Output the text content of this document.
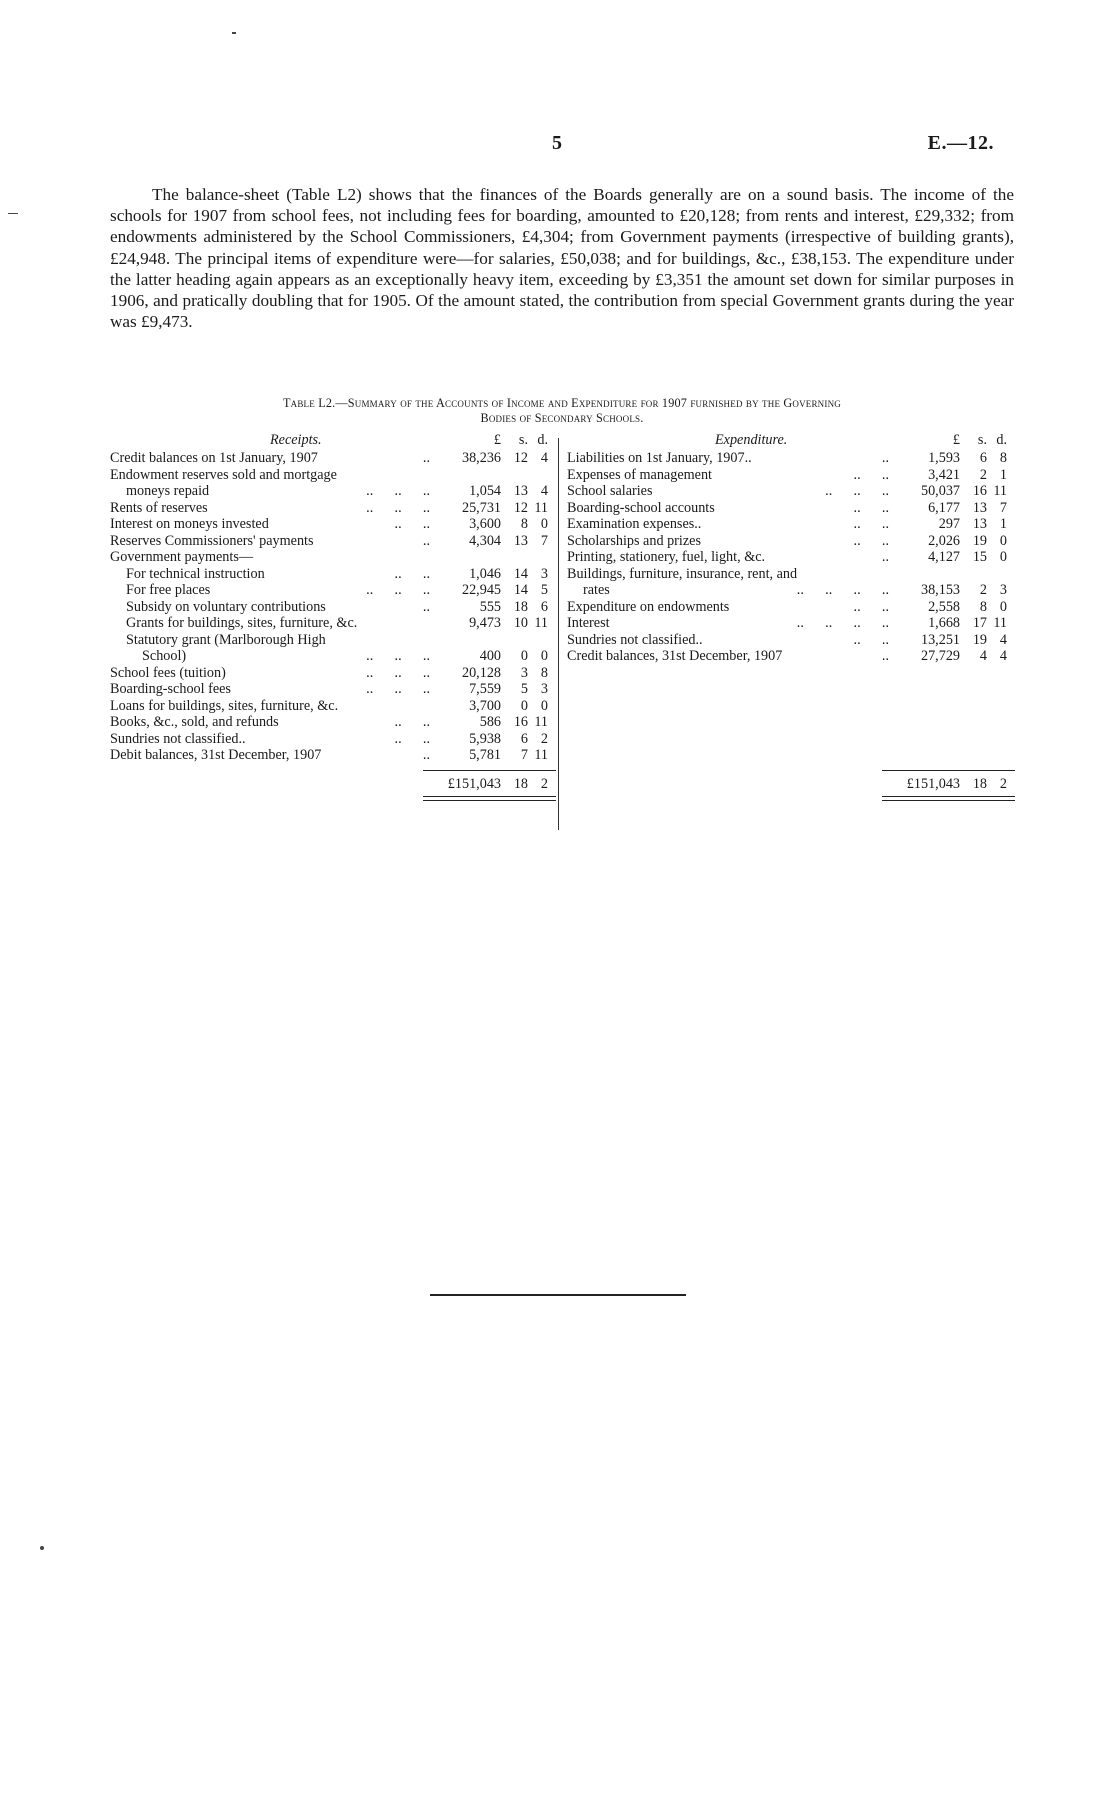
5	E.—12.

The balance-sheet (Table L2) shows that the finances of the Boards generally are on a sound basis. The income of the schools for 1907 from school fees, not including fees for boarding, amounted to £20,128; from rents and interest, £29,332; from endowments administered by the School Commissioners, £4,304; from Government payments (irrespective of building grants), £24,948. The principal items of expenditure were—for salaries, £50,038; and for buildings, &c., £38,153. The expenditure under the latter heading again appears as an exceptionally heavy item, exceeding by £3,351 the amount set down for similar purposes in 1906, and pratically doubling that for 1905. Of the amount stated, the contribution from special Government grants during the year was £9,473.

Table L2.—Summary of the Accounts of Income and Expenditure for 1907 furnished by the Governing
Bodies of Secondary Schools.
Receipts.	£	s. d.
Credit balances on 1st January, 1907	..	38,236 12 4
Endowment reserves sold and mortgage
moneys repaid	..      ..      ..	1,054 13 4
Rents of reserves	..      ..      ..	25,731 12 11
Interest on moneys invested	..      ..	3,600	8 0
Reserves Commissioners' payments	..	4,304 13 7
Government payments—
For technical instruction	..      ..	1,046 14 3
For free places	..      ..      ..	22,945 14 5
Subsidy on voluntary contributions	..	555 18 6
Grants for buildings, sites, furniture, &c.	9,473 10 11
Statutory grant (Marlborough High
School)	..      ..      ..	400	0 0
School fees (tuition)	..      ..      ..	20,128	3 8
Boarding-school fees	..      ..      ..	7,559	5 3
Loans for buildings, sites, furniture, &c.	3,700	0 0
Books, &c., sold, and refunds	..      ..	586 16 11
Sundries not classified..	..      ..	5,938	6 2
Debit balances, 31st December, 1907	..	5,781	7 11
£151,043 18 2
Expenditure.	£	s. d.
Liabilities on 1st January, 1907..	..	1,593	6 8
Expenses of management	..      ..	3,421	2 1
School salaries	..      ..      ..	50,037 16 11
Boarding-school accounts	..      ..	6,177 13 7
Examination expenses..	..      ..	297 13 1
Scholarships and prizes	..      ..	2,026 19 0
Printing, stationery, fuel, light, &c.	..	4,127 15 0
Buildings, furniture, insurance, rent, and
rates	..      ..      ..      ..	38,153	2 3
Expenditure on endowments	..      ..	2,558	8 0
Interest	..      ..      ..      ..	1,668 17 11
Sundries not classified..	..      ..	13,251 19 4
Credit balances, 31st December, 1907	..	27,729	4 4
£151,043 18 2
